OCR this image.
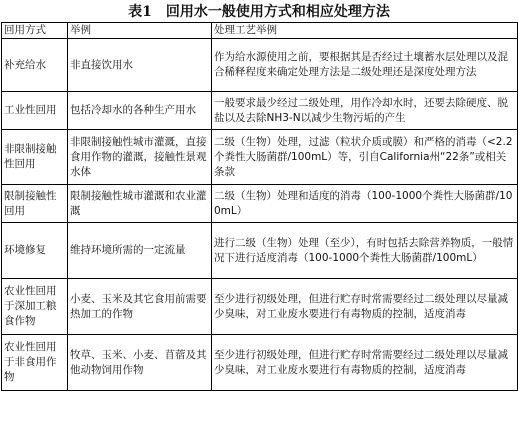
表1　回用水一般使用方式和相应处理方法
回用方式	举例	处理工艺举例
补充给水	非直接饮用水	作为给水源使用之前，要根据其是否经过土壤蓄水层处理以及混合稀释程度来确定处理方法是二级处理还是深度处理方法
工业性回用	包括冷却水的各种生产用水	一般要求最少经过二级处理，用作冷却水时，还要去除硬度、脱盐以及去除NH3-N以减少生物污垢的产生
非限制接触性回用	非限制接触性城市灌溉，直接食用作物的灌溉，接触性景观水体	二级（生物）处理，过滤（粒状介质或膜）和严格的消毒（<2.2个粪性大肠菌群/100mL）等，引自California州“22条”或相关条款
限制接触性回用	限制接触性城市灌溉和农业灌溉	二级（生物）处理和适度的消毒（100-1000个粪性大肠菌群/100mL）
环境修复	维持环境所需的一定流量	进行二级（生物）处理（至少），有时包括去除营养物质，一般情况下进行适度消毒（100-1000个粪性大肠菌群/100mL）
农业性回用于深加工粮食作物	小麦、玉米及其它食用前需要热加工的作物	至少进行初级处理，但进行贮存时常需要经过二级处理以尽量减少臭味，对工业废水要进行有毒物质的控制，适度消毒
农业性回用于非食用作物	牧草、玉米、小麦、苜蓿及其他动物饲用作物	至少进行初级处理，但进行贮存时常需要经过二级处理以尽量减少臭味，对工业废水要进行有毒物质的控制，适度消毒
